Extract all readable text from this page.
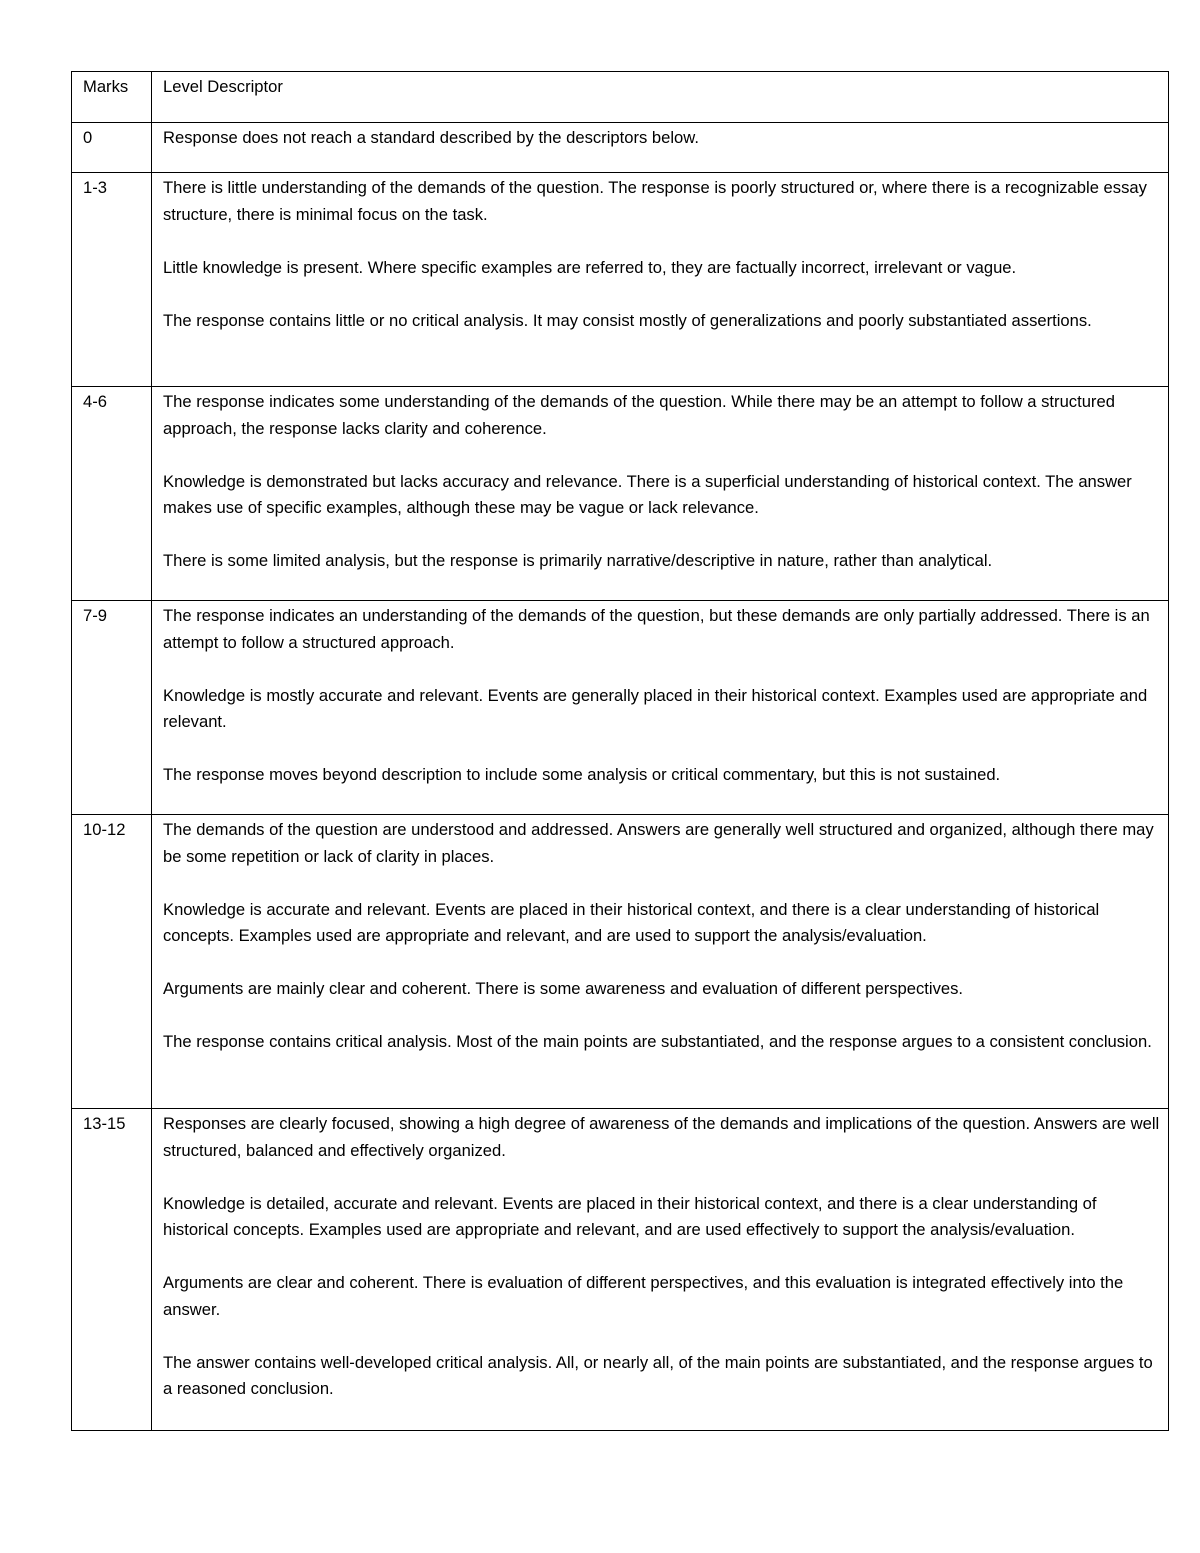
Marks	Level Descriptor
0	Response does not reach a standard described by the descriptors below.

1-3	There is little understanding of the demands of the question. The response is poorly structured or, where there is a recognizable essay structure, there is minimal focus on the task.

Little knowledge is present. Where specific examples are referred to, they are factually incorrect, irrelevant or vague.

The response contains little or no critical analysis. It may consist mostly of generalizations and poorly substantiated assertions.

4-6	The response indicates some understanding of the demands of the question. While there may be an attempt to follow a structured approach, the response lacks clarity and coherence.

Knowledge is demonstrated but lacks accuracy and relevance. There is a superficial understanding of historical context. The answer makes use of specific examples, although these may be vague or lack relevance.

There is some limited analysis, but the response is primarily narrative/descriptive in nature, rather than analytical.

7-9	The response indicates an understanding of the demands of the question, but these demands are only partially addressed. There is an attempt to follow a structured approach.

Knowledge is mostly accurate and relevant. Events are generally placed in their historical context. Examples used are appropriate and relevant.

The response moves beyond description to include some analysis or critical commentary, but this is not sustained.

10-12	The demands of the question are understood and addressed. Answers are generally well structured and organized, although there may be some repetition or lack of clarity in places.

Knowledge is accurate and relevant. Events are placed in their historical context, and there is a clear understanding of historical concepts. Examples used are appropriate and relevant, and are used to support the analysis/evaluation.

Arguments are mainly clear and coherent. There is some awareness and evaluation of different perspectives.

The response contains critical analysis. Most of the main points are substantiated, and the response argues to a consistent conclusion.

13-15	Responses are clearly focused, showing a high degree of awareness of the demands and implications of the question. Answers are well structured, balanced and effectively organized.

Knowledge is detailed, accurate and relevant. Events are placed in their historical context, and there is a clear understanding of historical concepts. Examples used are appropriate and relevant, and are used effectively to support the analysis/evaluation.

Arguments are clear and coherent. There is evaluation of different perspectives, and this evaluation is integrated effectively into the answer.

The answer contains well-developed critical analysis. All, or nearly all, of the main points are substantiated, and the response argues to a reasoned conclusion.
